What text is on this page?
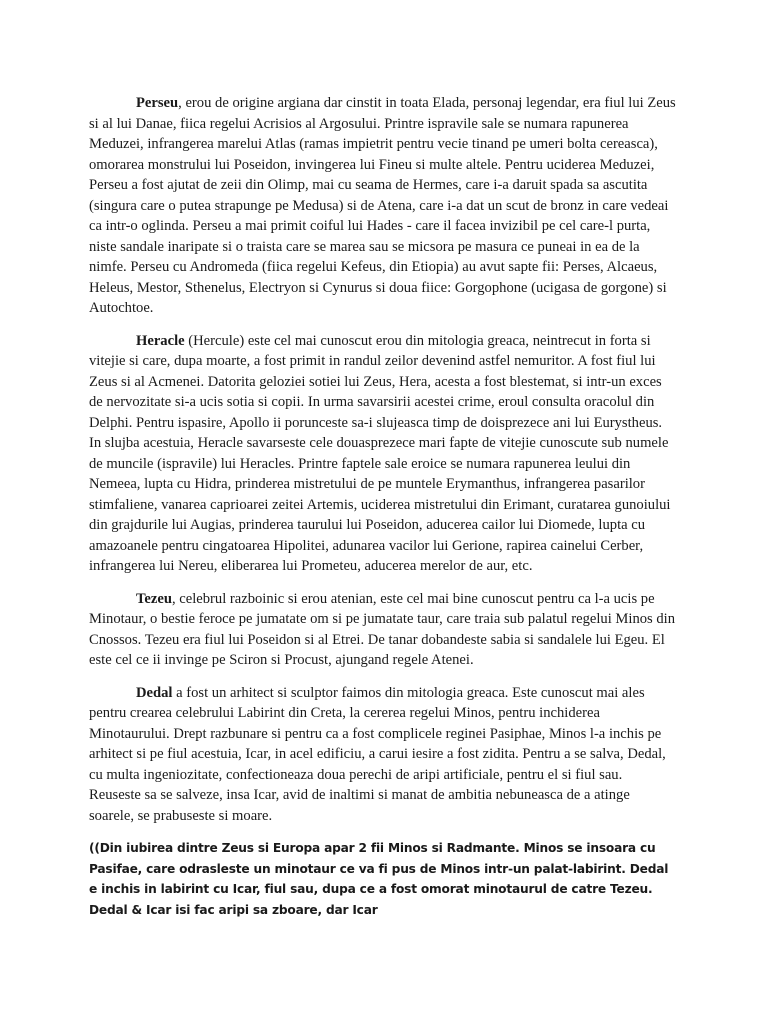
Perseu, erou de origine argiana dar cinstit in toata Elada, personaj legendar, era fiul lui Zeus si al lui Danae, fiica regelui Acrisios al Argosului. Printre ispravile sale se numara rapunerea Meduzei, infrangerea marelui Atlas (ramas impietrit pentru vecie tinand pe umeri bolta cereasca), omorarea monstrului lui Poseidon, invingerea lui Fineu si multe altele. Pentru uciderea Meduzei, Perseu a fost ajutat de zeii din Olimp, mai cu seama de Hermes, care i-a daruit spada sa ascutita (singura care o putea strapunge pe Medusa) si de Atena, care i-a dat un scut de bronz in care vedeai ca intr-o oglinda. Perseu a mai primit coiful lui Hades - care il facea invizibil pe cel care-l purta, niste sandale inaripate si o traista care se marea sau se micsora pe masura ce puneai in ea de la nimfe. Perseu cu Andromeda (fiica regelui Kefeus, din Etiopia) au avut sapte fii: Perses, Alcaeus, Heleus, Mestor, Sthenelus, Electryon si Cynurus si doua fiice: Gorgophone (ucigasa de gorgone) si Autochtoe.

Heracle (Hercule) este cel mai cunoscut erou din mitologia greaca, neintrecut in forta si vitejie si care, dupa moarte, a fost primit in randul zeilor devenind astfel nemuritor. A fost fiul lui Zeus si al Acmenei. Datorita geloziei sotiei lui Zeus, Hera, acesta a fost blestemat, si intr-un exces de nervozitate si-a ucis sotia si copii. In urma savarsirii acestei crime, eroul consulta oracolul din Delphi. Pentru ispasire, Apollo ii porunceste sa-i slujeasca timp de doisprezece ani lui Eurystheus. In slujba acestuia, Heracle savarseste cele douasprezece mari fapte de vitejie cunoscute sub numele de muncile (ispravile) lui Heracles. Printre faptele sale eroice se numara rapunerea leului din Nemeea, lupta cu Hidra, prinderea mistretului de pe muntele Erymanthus, infrangerea pasarilor stimfaliene, vanarea caprioarei zeitei Artemis, uciderea mistretului din Erimant, curatarea gunoiului din grajdurile lui Augias, prinderea taurului lui Poseidon, aducerea cailor lui Diomede, lupta cu amazoanele pentru cingatoarea Hipolitei, adunarea vacilor lui Gerione, rapirea cainelui Cerber, infrangerea lui Nereu, eliberarea lui Prometeu, aducerea merelor de aur, etc.

Tezeu, celebrul razboinic si erou atenian, este cel mai bine cunoscut pentru ca l-a ucis pe Minotaur, o bestie feroce pe jumatate om si pe jumatate taur, care traia sub palatul regelui Minos din Cnossos. Tezeu era fiul lui Poseidon si al Etrei. De tanar dobandeste sabia si sandalele lui Egeu. El este cel ce ii invinge pe Sciron si Procust, ajungand regele Atenei.

Dedal a fost un arhitect si sculptor faimos din mitologia greaca. Este cunoscut mai ales pentru crearea celebrului Labirint din Creta, la cererea regelui Minos, pentru inchiderea Minotaurului. Drept razbunare si pentru ca a fost complicele reginei Pasiphae, Minos l-a inchis pe arhitect si pe fiul acestuia, Icar, in acel edificiu, a carui iesire a fost zidita. Pentru a se salva, Dedal, cu multa ingeniozitate, confectioneaza doua perechi de aripi artificiale, pentru el si fiul sau. Reuseste sa se salveze, insa Icar, avid de inaltimi si manat de ambitia nebuneasca de a atinge soarele, se prabuseste si moare.

((Din iubirea dintre Zeus si Europa apar 2 fii Minos si Radmante. Minos se insoara cu Pasifae, care odrasleste un minotaur ce va fi pus de Minos intr-un palat-labirint. Dedal e inchis in labirint cu Icar, fiul sau, dupa ce a fost omorat minotaurul de catre Tezeu. Dedal & Icar isi fac aripi sa zboare, dar Icar
